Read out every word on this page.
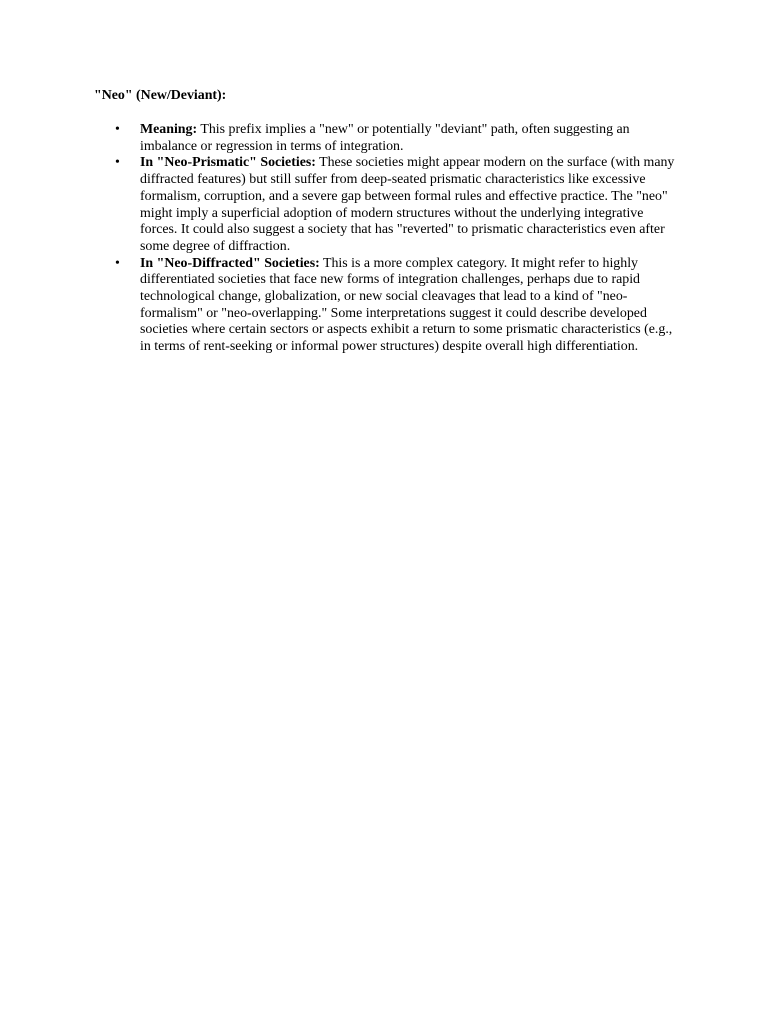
"Neo" (New/Deviant):

• Meaning: This prefix implies a "new" or potentially "deviant" path, often suggesting an imbalance or regression in terms of integration.
• In "Neo-Prismatic" Societies: These societies might appear modern on the surface (with many diffracted features) but still suffer from deep-seated prismatic characteristics like excessive formalism, corruption, and a severe gap between formal rules and effective practice. The "neo" might imply a superficial adoption of modern structures without the underlying integrative forces. It could also suggest a society that has "reverted" to prismatic characteristics even after some degree of diffraction.
• In "Neo-Diffracted" Societies: This is a more complex category. It might refer to highly differentiated societies that face new forms of integration challenges, perhaps due to rapid technological change, globalization, or new social cleavages that lead to a kind of "neo-formalism" or "neo-overlapping." Some interpretations suggest it could describe developed societies where certain sectors or aspects exhibit a return to some prismatic characteristics (e.g., in terms of rent-seeking or informal power structures) despite overall high differentiation.
